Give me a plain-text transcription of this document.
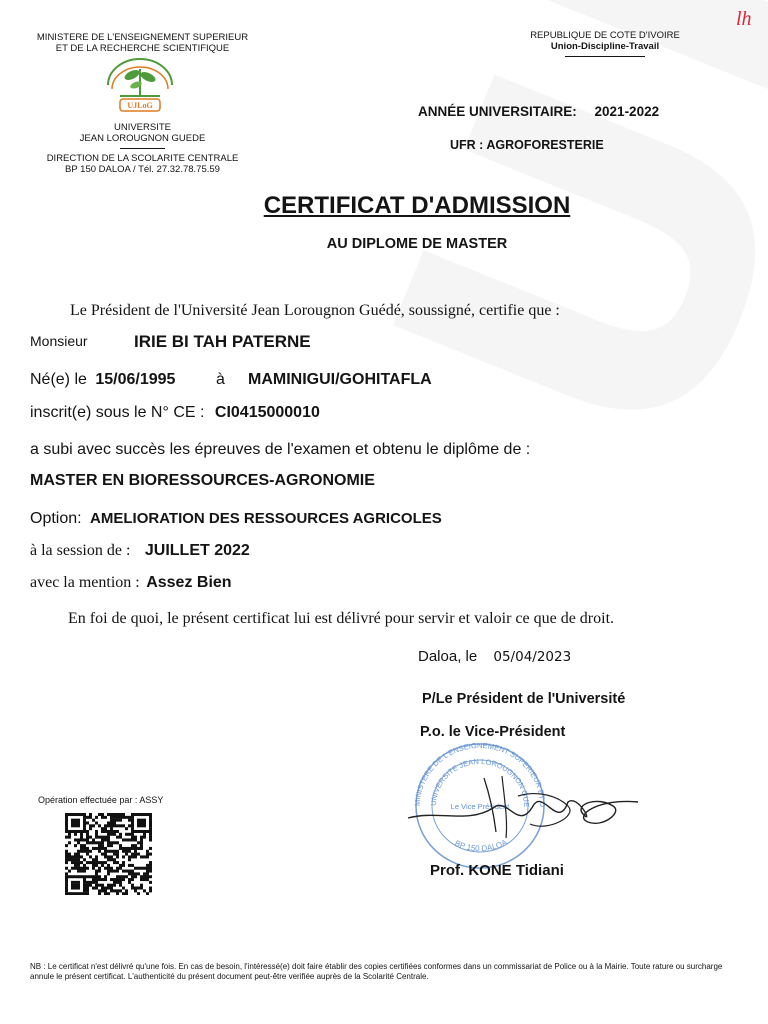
lh
MINISTERE DE L'ENSEIGNEMENT SUPERIEUR
ET DE LA RECHERCHE SCIENTIFIQUE
UJLoG
UNIVERSITE
JEAN LOROUGNON GUEDE
DIRECTION DE LA SCOLARITE CENTRALE
BP 150 DALOA / Tél. 27.32.78.75.59
REPUBLIQUE DE COTE D'IVOIRE
Union-Discipline-Travail
ANNÉE UNIVERSITAIRE: 2021-2022
UFR : AGROFORESTERIE
CERTIFICAT D'ADMISSION
AU DIPLOME DE MASTER
Le Président de l'Université Jean Lorougnon Guédé, soussigné, certifie que :
Monsieur	IRIE BI TAH PATERNE
Né(e) le 15/06/1995	à MAMINIGUI/GOHITAFLA
inscrit(e) sous le N° CE : CI0415000010
a subi avec succès les épreuves de l'examen et obtenu le diplôme de :
MASTER EN BIORESSOURCES-AGRONOMIE
Option: AMELIORATION DES RESSOURCES AGRICOLES
à la session de : JUILLET 2022
avec la mention : Assez Bien
En foi de quoi, le présent certificat lui est délivré pour servir et valoir ce que de droit.
Daloa, le 05/04/2023
P/Le Président de l'Université
P.o. le Vice-Président
MINISTERE DE L'ENSEIGNEMENT SUPERIEUR ET D
UNIVERSITE JEAN LOROUGNON GUE
BP 150 DALOA
Le Vice Président
Prof. KONE Tidiani
Opération effectuée par : ASSY
NB : Le certificat n'est délivré qu'une fois. En cas de besoin, l'intéressé(e) doit faire établir des copies certifiées conformes dans un commissariat de Police ou à la Mairie. Toute rature ou surcharge annule le présent certificat. L'authenticité du présent document peut-être verifiée auprès de la Scolarité Centrale.
